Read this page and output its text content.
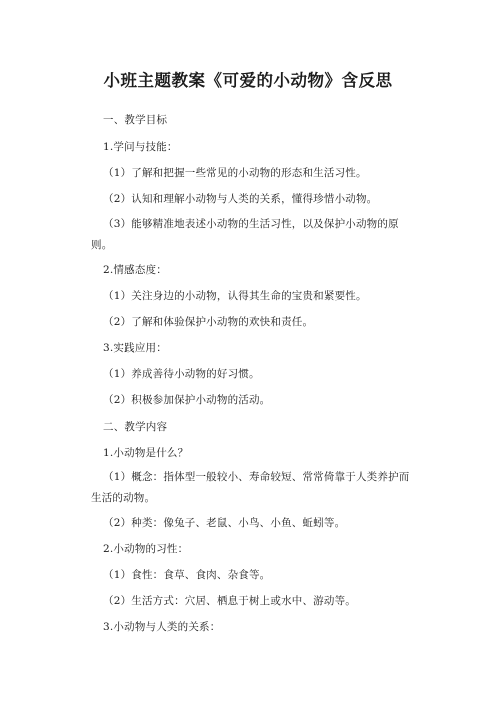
小班主题教案《可爱的小动物》含反思
一、教学目标
1.学问与技能：
（1）了解和把握一些常见的小动物的形态和生活习性。
（2）认知和理解小动物与人类的关系，懂得珍惜小动物。
（3）能够精准地表述小动物的生活习性，以及保护小动物的原则。
2.情感态度：
（1）关注身边的小动物，认得其生命的宝贵和紧要性。
（2）了解和体验保护小动物的欢快和责任。
3.实践应用：
（1）养成善待小动物的好习惯。
（2）积极参加保护小动物的活动。
二、教学内容
1.小动物是什么？
（1）概念：指体型一般较小、寿命较短、常常倚靠于人类养护而生活的动物。
（2）种类：像兔子、老鼠、小鸟、小鱼、蚯蚓等。
2.小动物的习性：
（1）食性：食草、食肉、杂食等。
（2）生活方式：穴居、栖息于树上或水中、游动等。
3.小动物与人类的关系：
